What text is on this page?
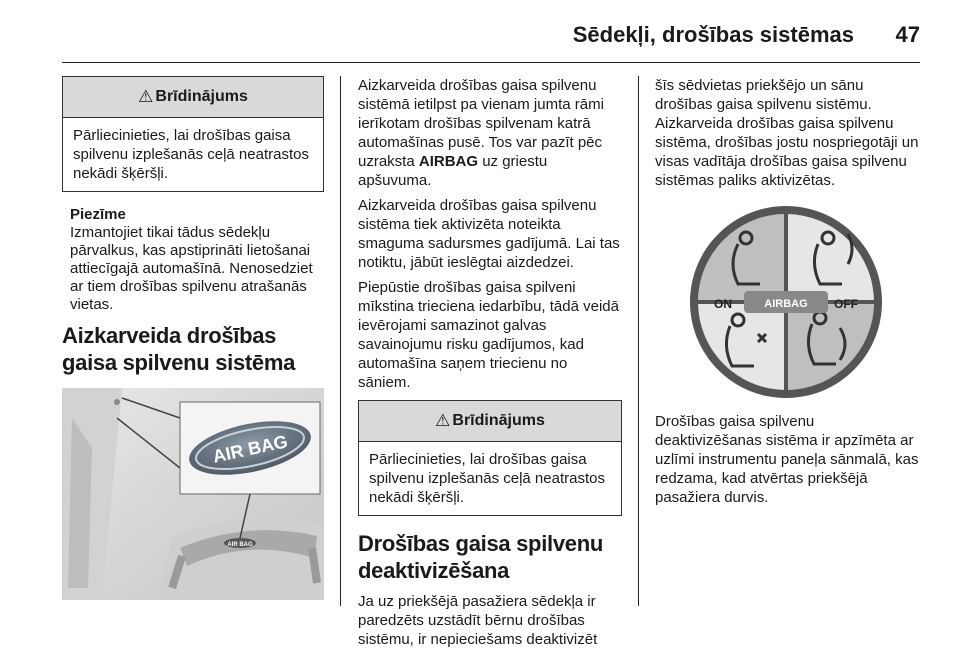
Sēdekļi, drošības sistēmas 47
⚠ Brīdinājums
Pārliecinieties, lai drošības gaisa spilvenu izplešanās ceļā neatrastos nekādi šķēršļi.
Piezīme
Izmantojiet tikai tādus sēdekļu pārvalkus, kas apstiprināti lietošanai attiecīgajā automašīnā. Nenosedziet ar tiem drošības spilvenu atrašanās vietas.
Aizkarveida drošības gaisa spilvenu sistēma
AIR BAG
AIR BAG

Aizkarveida drošības gaisa spilvenu sistēmā ietilpst pa vienam jumta rāmi ierīkotam drošības spilvenam katrā automašīnas pusē. Tos var pazīt pēc uzraksta AIRBAG uz griestu apšuvuma.

Aizkarveida drošības gaisa spilvenu sistēma tiek aktivizēta noteikta smaguma sadursmes gadījumā. Lai tas notiktu, jābūt ieslēgtai aizdedzei.

Piepūstie drošības gaisa spilveni mīkstina trieciena iedarbību, tādā veidā ievērojami samazinot galvas savainojumu risku gadījumos, kad automašīna saņem triecienu no sāniem.

⚠ Brīdinājums
Pārliecinieties, lai drošības gaisa spilvenu izplešanās ceļā neatrastos nekādi šķēršļi.
Drošības gaisa spilvenu deaktivizēšana

Ja uz priekšējā pasažiera sēdekļa ir paredzēts uzstādīt bērnu drošības sistēmu, ir nepieciešams deaktivizēt

šīs sēdvietas priekšējo un sānu drošības gaisa spilvenu sistēmu. Aizkarveida drošības gaisa spilvenu sistēma, drošības jostu nospriegotāji un visas vadītāja drošības gaisa spilvenu sistēmas paliks aktivizētas.

ON	AIRBAG OFF

Drošības gaisa spilvenu deaktivizēšanas sistēma ir apzīmēta ar uzlīmi instrumentu paneļa sānmalā, kas redzama, kad atvērtas priekšējā pasažiera durvis.
